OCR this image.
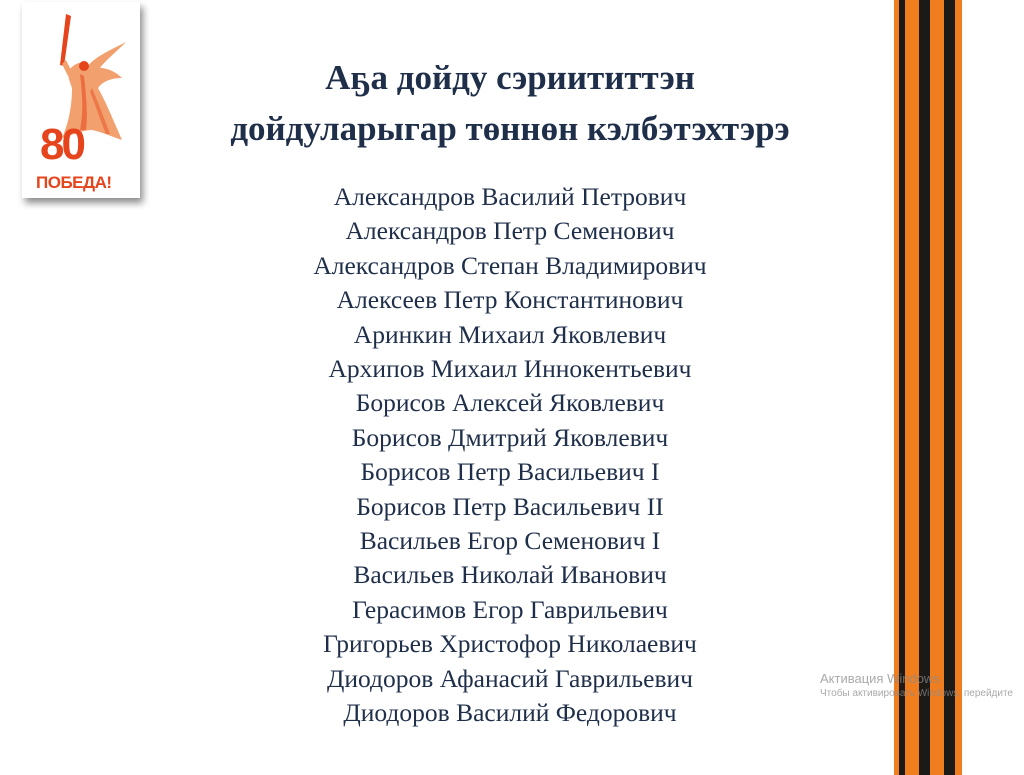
80
ПОБЕДА!
Аҕа дойду сэриититтэн
дойдуларыгар төннөн кэлбэтэхтэрэ
Александров Василий Петрович
Александров Петр Семенович
Александров Степан Владимирович
Алексеев Петр Константинович
Аринкин Михаил Яковлевич
Архипов Михаил Иннокентьевич
Борисов Алексей Яковлевич
Борисов Дмитрий Яковлевич
Борисов Петр Васильевич I
Борисов Петр Васильевич II
Васильев Егор Семенович I
Васильев Николай Иванович
Герасимов Егор Гаврильевич
Григорьев Христофор Николаевич
Диодоров Афанасий Гаврильевич
Диодоров Василий Федорович
Активация Windows
Чтобы активировать Windows, перейдите
